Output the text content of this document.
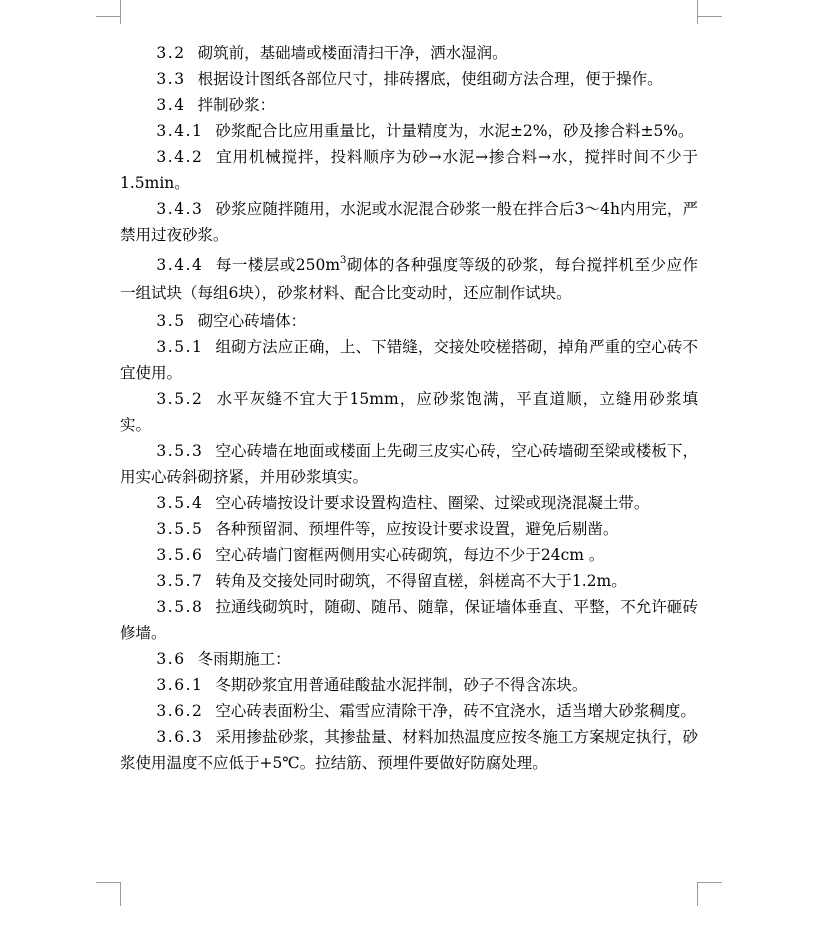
3.2 砌筑前，基础墙或楼面清扫干净，洒水湿润。

3.3 根据设计图纸各部位尺寸，排砖撂底，使组砌方法合理，便于操作。

3.4 拌制砂浆：

3.4.1 砂浆配合比应用重量比，计量精度为，水泥±2%，砂及掺合料±5%。

3.4.2 宜用机械搅拌，投料顺序为砂→水泥→掺合料→水，搅拌时间不少于1.5min。

3.4.3 砂浆应随拌随用，水泥或水泥混合砂浆一般在拌合后3～4h内用完，严禁用过夜砂浆。

3.4.4 每一楼层或$250m^3$砌体的各种强度等级的砂浆，每台搅拌机至少应作一组试块（每组6块），砂浆材料、配合比变动时，还应制作试块。

3.5 砌空心砖墙体：

3.5.1 组砌方法应正确，上、下错缝，交接处咬槎搭砌，掉角严重的空心砖不宜使用。

3.5.2 水平灰缝不宜大于15mm，应砂浆饱满，平直道顺，立缝用砂浆填实。

3.5.3 空心砖墙在地面或楼面上先砌三皮实心砖，空心砖墙砌至梁或楼板下，用实心砖斜砌挤紧，并用砂浆填实。

3.5.4 空心砖墙按设计要求设置构造柱、圈梁、过梁或现浇混凝土带。

3.5.5 各种预留洞、预埋件等，应按设计要求设置，避免后剔凿。

3.5.6 空心砖墙门窗框两侧用实心砖砌筑，每边不少于24cm 。

3.5.7 转角及交接处同时砌筑，不得留直槎，斜槎高不大于1.2m。

3.5.8 拉通线砌筑时，随砌、随吊、随靠，保证墙体垂直、平整，不允许砸砖修墙。

3.6 冬雨期施工：

3.6.1 冬期砂浆宜用普通硅酸盐水泥拌制，砂子不得含冻块。

3.6.2 空心砖表面粉尘、霜雪应清除干净，砖不宜浇水，适当增大砂浆稠度。

3.6.3 采用掺盐砂浆，其掺盐量、材料加热温度应按冬施工方案规定执行，砂浆使用温度不应低于+5℃。拉结筋、预埋件要做好防腐处理。
